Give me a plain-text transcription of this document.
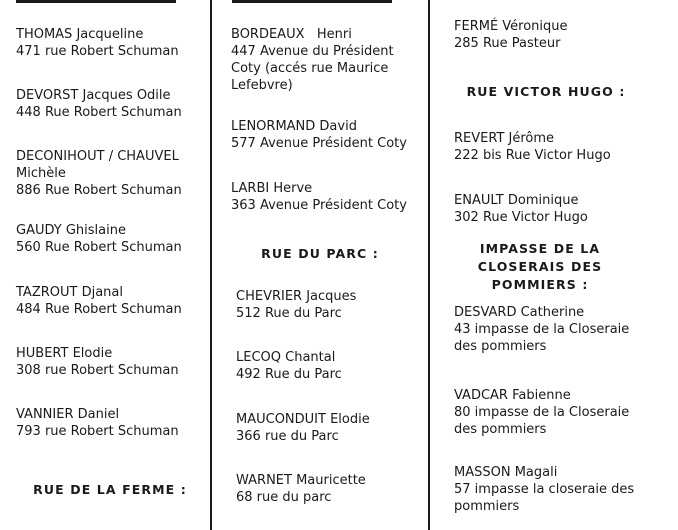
THOMAS Jacqueline
471 rue Robert Schuman
DEVORST Jacques Odile
448 Rue Robert Schuman
DECONIHOUT / CHAUVEL
Michèle
886 Rue Robert Schuman
GAUDY Ghislaine
560 Rue Robert Schuman
TAZROUT Djanal
484 Rue Robert Schuman
HUBERT Elodie
308 rue Robert Schuman
VANNIER Daniel
793 rue Robert Schuman
RUE DE LA FERME :
BORDEAUX   Henri
447 Avenue du Président
Coty (accés rue Maurice
Lefebvre)
LENORMAND David
577 Avenue Président Coty
LARBI Herve
363 Avenue Président Coty
RUE DU PARC :
CHEVRIER Jacques
512 Rue du Parc
LECOQ Chantal
492 Rue du Parc
MAUCONDUIT Elodie
366 rue du Parc
WARNET Mauricette
68 rue du parc
FERMÉ Véronique
285 Rue Pasteur
RUE VICTOR HUGO :
REVERT Jérôme
222 bis Rue Victor Hugo
ENAULT Dominique
302 Rue Victor Hugo
IMPASSE DE LA CLOSERAIS DES POMMIERS :
DESVARD Catherine
43 impasse de la Closeraie
des pommiers
VADCAR Fabienne
80 impasse de la Closeraie
des pommiers
MASSON Magali
57 impasse la closeraie des
pommiers
